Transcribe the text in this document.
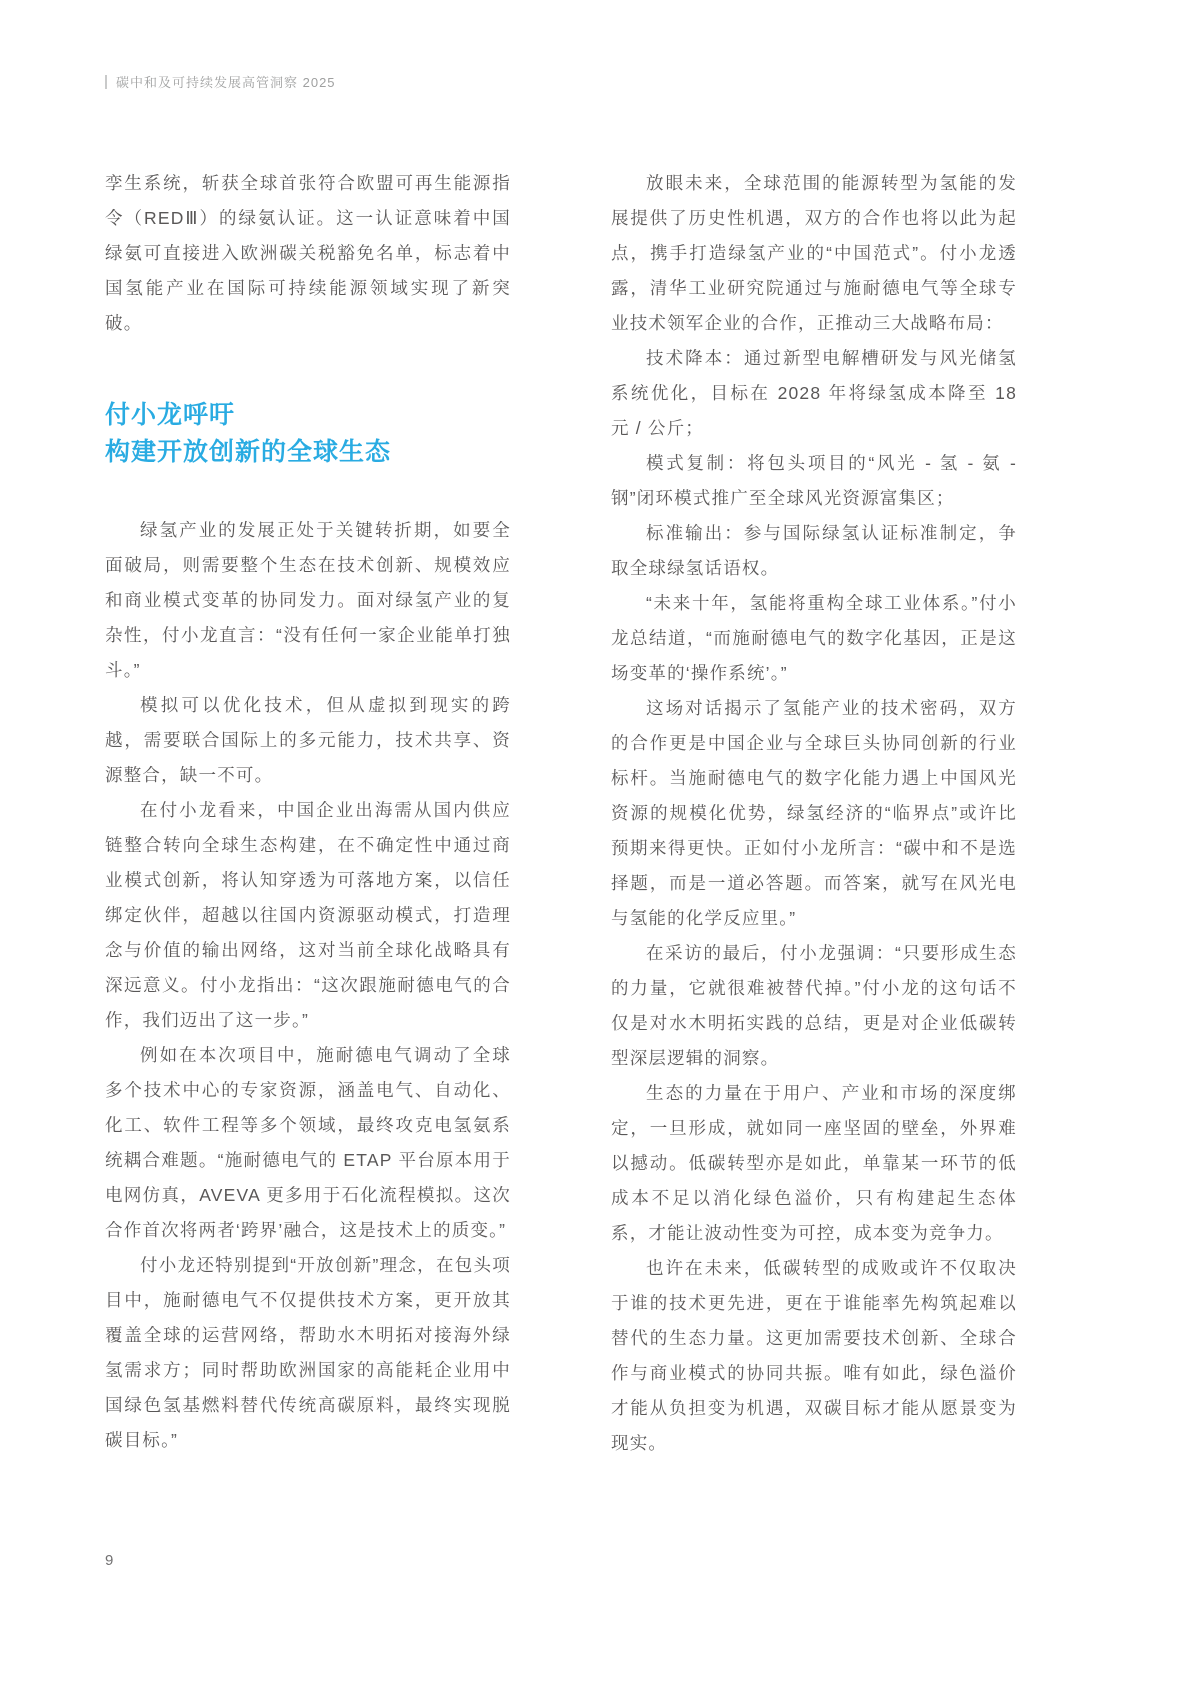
碳中和及可持续发展高管洞察 2025

孪生系统，斩获全球首张符合欧盟可再生能源指令（REDⅢ）的绿氨认证。这一认证意味着中国绿氨可直接进入欧洲碳关税豁免名单，标志着中国氢能产业在国际可持续能源领域实现了新突破。

付小龙呼吁
构建开放创新的全球生态

绿氢产业的发展正处于关键转折期，如要全面破局，则需要整个生态在技术创新、规模效应和商业模式变革的协同发力。面对绿氢产业的复杂性，付小龙直言：“没有任何一家企业能单打独斗。”

模拟可以优化技术，但从虚拟到现实的跨越，需要联合国际上的多元能力，技术共享、资源整合，缺一不可。

在付小龙看来，中国企业出海需从国内供应链整合转向全球生态构建，在不确定性中通过商业模式创新，将认知穿透为可落地方案，以信任绑定伙伴，超越以往国内资源驱动模式，打造理念与价值的输出网络，这对当前全球化战略具有深远意义。付小龙指出：“这次跟施耐德电气的合作，我们迈出了这一步。”

例如在本次项目中，施耐德电气调动了全球多个技术中心的专家资源，涵盖电气、自动化、化工、软件工程等多个领域，最终攻克电氢氨系统耦合难题。“施耐德电气的 ETAP 平台原本用于电网仿真，AVEVA 更多用于石化流程模拟。这次合作首次将两者‘跨界’融合，这是技术上的质变。”

付小龙还特别提到“开放创新”理念，在包头项目中，施耐德电气不仅提供技术方案，更开放其覆盖全球的运营网络，帮助水木明拓对接海外绿氢需求方；同时帮助欧洲国家的高能耗企业用中国绿色氢基燃料替代传统高碳原料，最终实现脱碳目标。”

放眼未来，全球范围的能源转型为氢能的发展提供了历史性机遇，双方的合作也将以此为起点，携手打造绿氢产业的“中国范式”。付小龙透露，清华工业研究院通过与施耐德电气等全球专业技术领军企业的合作，正推动三大战略布局：

技术降本：通过新型电解槽研发与风光储氢系统优化，目标在 2028 年将绿氢成本降至 18 元 / 公斤；

模式复制：将包头项目的“风光 - 氢 - 氨 - 钢”闭环模式推广至全球风光资源富集区；

标准输出：参与国际绿氢认证标准制定，争取全球绿氢话语权。

“未来十年，氢能将重构全球工业体系。”付小龙总结道，“而施耐德电气的数字化基因，正是这场变革的‘操作系统’。”

这场对话揭示了氢能产业的技术密码，双方的合作更是中国企业与全球巨头协同创新的行业标杆。当施耐德电气的数字化能力遇上中国风光资源的规模化优势，绿氢经济的“临界点”或许比预期来得更快。正如付小龙所言：“碳中和不是选择题，而是一道必答题。而答案，就写在风光电与氢能的化学反应里。”

在采访的最后，付小龙强调：“只要形成生态的力量，它就很难被替代掉。”付小龙的这句话不仅是对水木明拓实践的总结，更是对企业低碳转型深层逻辑的洞察。

生态的力量在于用户、产业和市场的深度绑定，一旦形成，就如同一座坚固的壁垒，外界难以撼动。低碳转型亦是如此，单靠某一环节的低成本不足以消化绿色溢价，只有构建起生态体系，才能让波动性变为可控，成本变为竞争力。

也许在未来，低碳转型的成败或许不仅取决于谁的技术更先进，更在于谁能率先构筑起难以替代的生态力量。这更加需要技术创新、全球合作与商业模式的协同共振。唯有如此，绿色溢价才能从负担变为机遇，双碳目标才能从愿景变为现实。

9
